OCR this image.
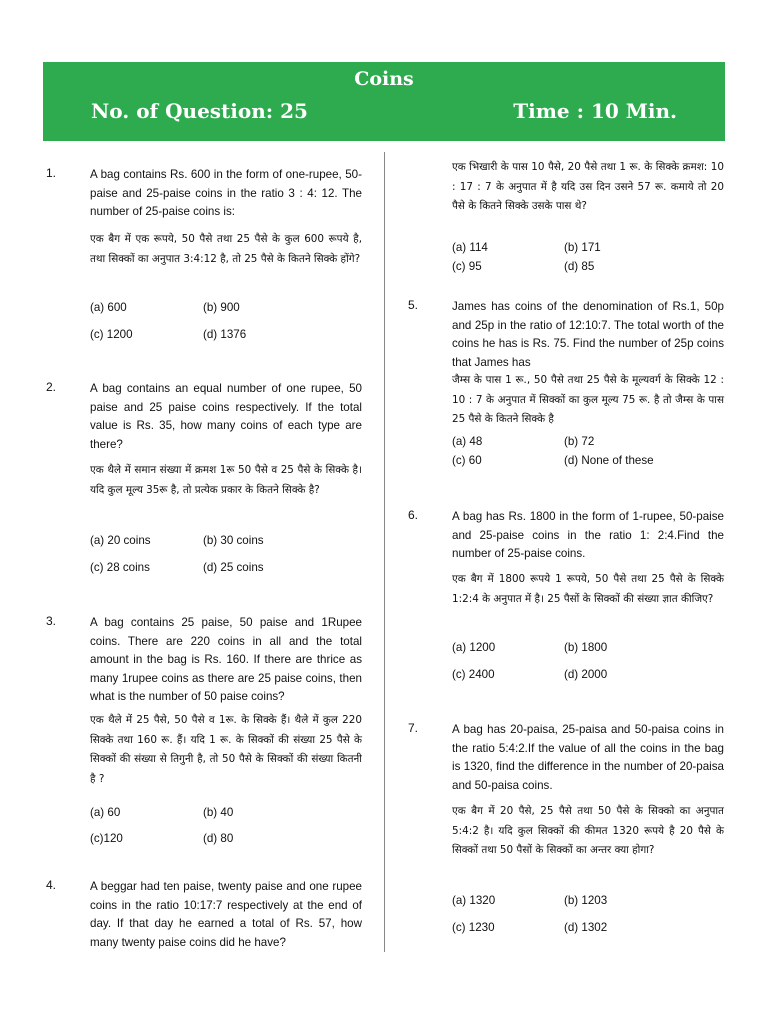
Coins
No. of Question: 25	Time : 10 Min.
1.	A bag contains Rs. 600 in the form of one-rupee, 50-paise and 25-paise coins in the ratio 3 : 4: 12. The number of 25-paise coins is:
एक बैग में एक रूपये, 50 पैसे तथा 25 पैसे के कुल 600 रूपये है, तथा सिक्कों का अनुपात 3:4:12 है, तो 25 पैसे के कितने सिक्के होंगे?
(a) 600	(b) 900
(c) 1200	(d) 1376
2.	A bag contains an equal number of one rupee, 50 paise and 25 paise coins respectively. If the total value is Rs. 35, how many coins of each type are there?
एक थैले में समान संख्या में क्रमश 1रू 50 पैसे व 25 पैसे के सिक्के है। यदि कुल मूल्य 35रू है, तो प्रत्येक प्रकार के कितने सिक्के है?
(a) 20 coins	(b) 30 coins
(c) 28 coins	(d) 25 coins
3.	A bag contains 25 paise, 50 paise and 1Rupee coins. There are 220 coins in all and the total amount in the bag is Rs. 160. If there are thrice as many 1rupee coins as there are 25 paise coins, then what is the number of 50 paise coins?
एक थैले में 25 पैसे, 50 पैसे व 1रू. के सिक्के हैं। थैले में कुल 220 सिक्के तथा 160 रू. हैं। यदि 1 रू. के सिक्कों की संख्या 25 पैसे के सिक्कों की संख्या से तिगुनी है, तो 50 पैसे के सिक्कों की संख्या कितनी है ?
(a) 60	(b) 40
(c)120	(d) 80
4.	A beggar had ten paise, twenty paise and one rupee coins in the ratio 10:17:7 respectively at the end of day. If that day he earned a total of Rs. 57, how many twenty paise coins did he have?
एक भिखारी के पास 10 पैसे, 20 पैसे तथा 1 रू. के सिक्के क्रमश: 10 : 17 : 7 के अनुपात में है यदि उस दिन उसने 57 रू. कमाये तो 20 पैसे के कितने सिक्के उसके पास थे?
(a) 114	(b) 171
(c) 95	(d) 85
5.	James has coins of the denomination of Rs.1, 50p and 25p in the ratio of 12:10:7. The total worth of the coins he has is Rs. 75. Find the number of 25p coins that James has
जैम्स के पास 1 रू., 50 पैसे तथा 25 पैसे के मूल्यवर्ग के सिक्के 12 : 10 : 7 के अनुपात में सिक्कों का कुल मूल्य 75 रू. है तो जैम्स के पास 25 पैसे के कितने सिक्के है
(a) 48	(b) 72
(c) 60	(d) None of these
6.	A bag has Rs. 1800 in the form of 1-rupee, 50-paise and 25-paise coins in the ratio 1: 2:4.Find the number of 25-paise coins.
एक बैग में 1800 रूपये 1 रूपये, 50 पैसे तथा 25 पैसे के सिक्के 1:2:4 के अनुपात में है। 25 पैसों के सिक्कों की संख्या ज्ञात कीजिए?
(a) 1200	(b) 1800
(c) 2400	(d) 2000
7.	A bag has 20-paisa, 25-paisa and 50-paisa coins in the ratio 5:4:2.If the value of all the coins in the bag is 1320, find the difference in the number of 20-paisa and 50-paisa coins.
एक बैग में 20 पैसे, 25 पैसे तथा 50 पैसे के सिक्को का अनुपात 5:4:2 है। यदि कुल सिक्कों की कीमत 1320 रूपये है 20 पैसे के सिक्कों तथा 50 पैसों के सिक्कों का अन्तर क्या होगा?
(a) 1320	(b) 1203
(c) 1230	(d) 1302
